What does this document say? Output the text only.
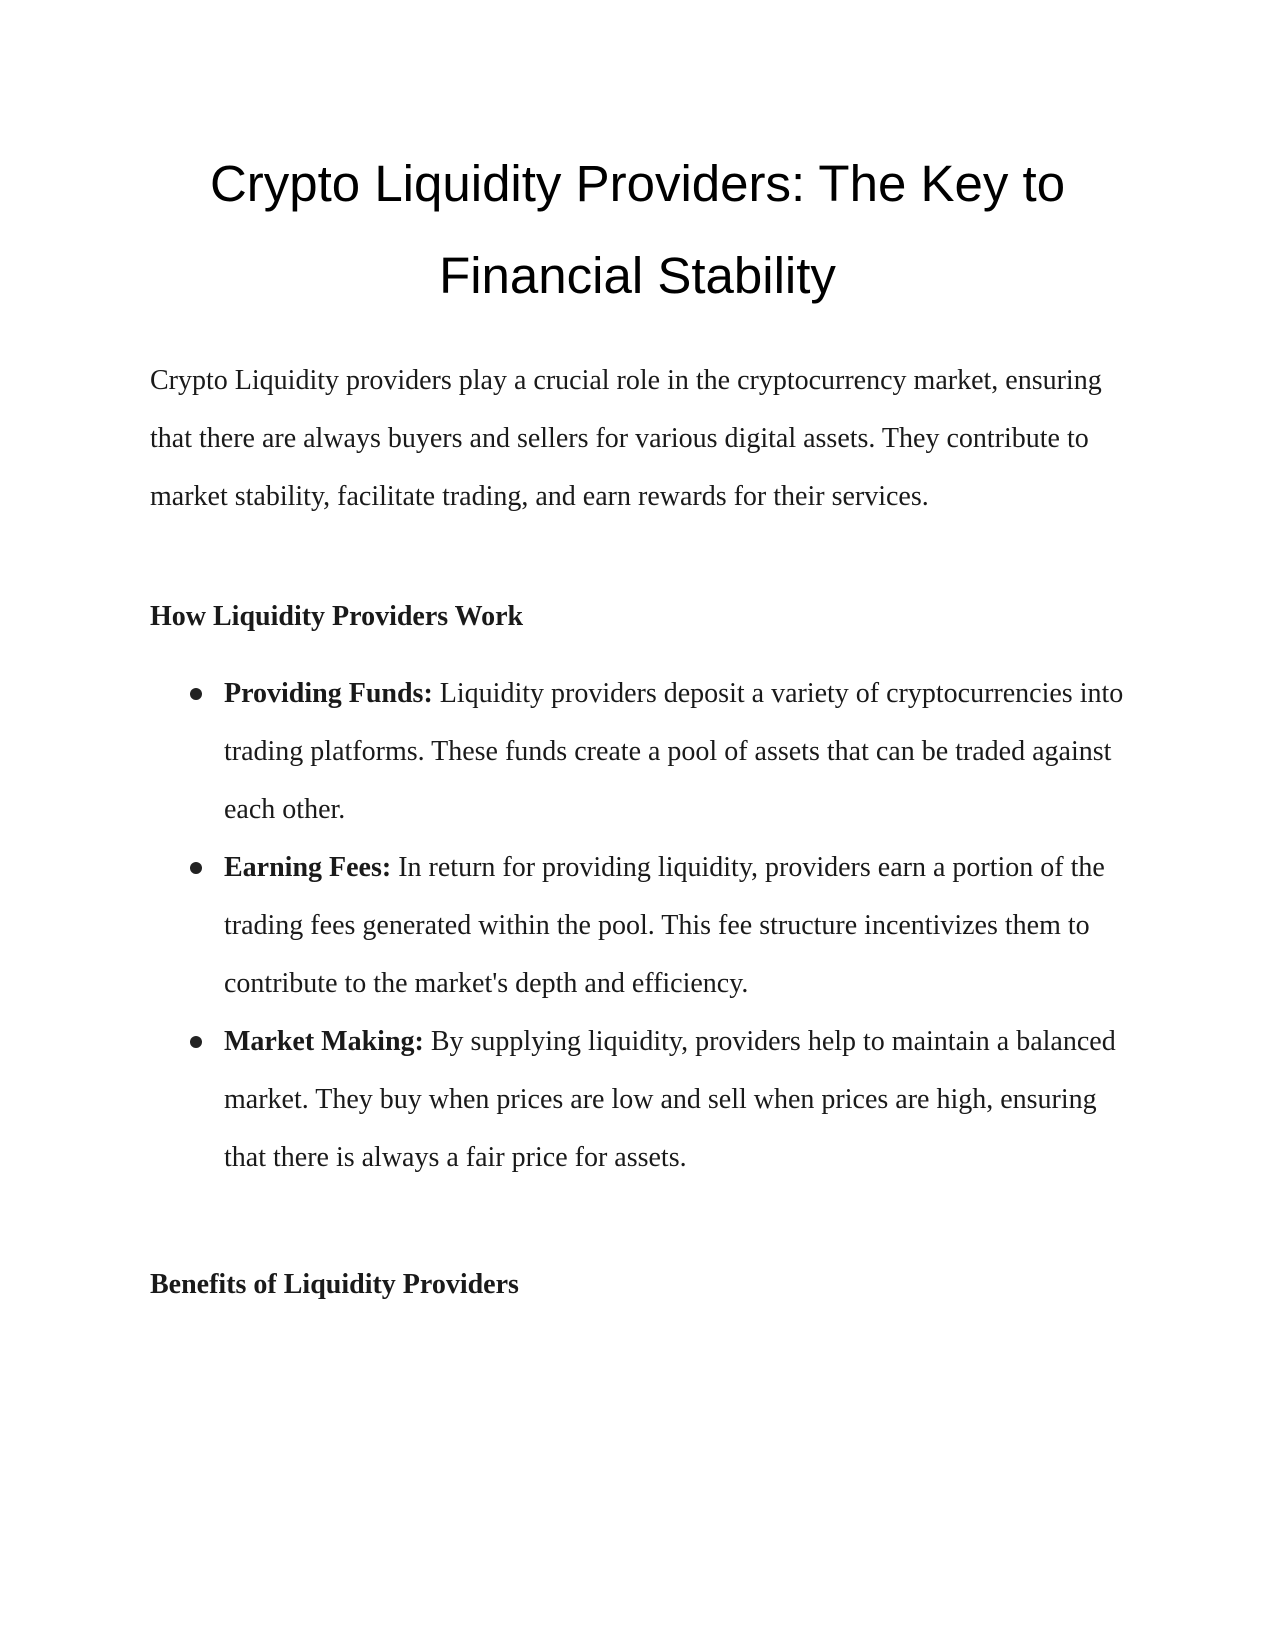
Crypto Liquidity Providers: The Key to Financial Stability

Crypto Liquidity providers play a crucial role in the cryptocurrency market, ensuring that there are always buyers and sellers for various digital assets. They contribute to market stability, facilitate trading, and earn rewards for their services.

How Liquidity Providers Work
Providing Funds: Liquidity providers deposit a variety of cryptocurrencies into trading platforms. These funds create a pool of assets that can be traded against each other.
Earning Fees: In return for providing liquidity, providers earn a portion of the trading fees generated within the pool. This fee structure incentivizes them to contribute to the market's depth and efficiency.
Market Making: By supplying liquidity, providers help to maintain a balanced market. They buy when prices are low and sell when prices are high, ensuring that there is always a fair price for assets.
Benefits of Liquidity Providers
